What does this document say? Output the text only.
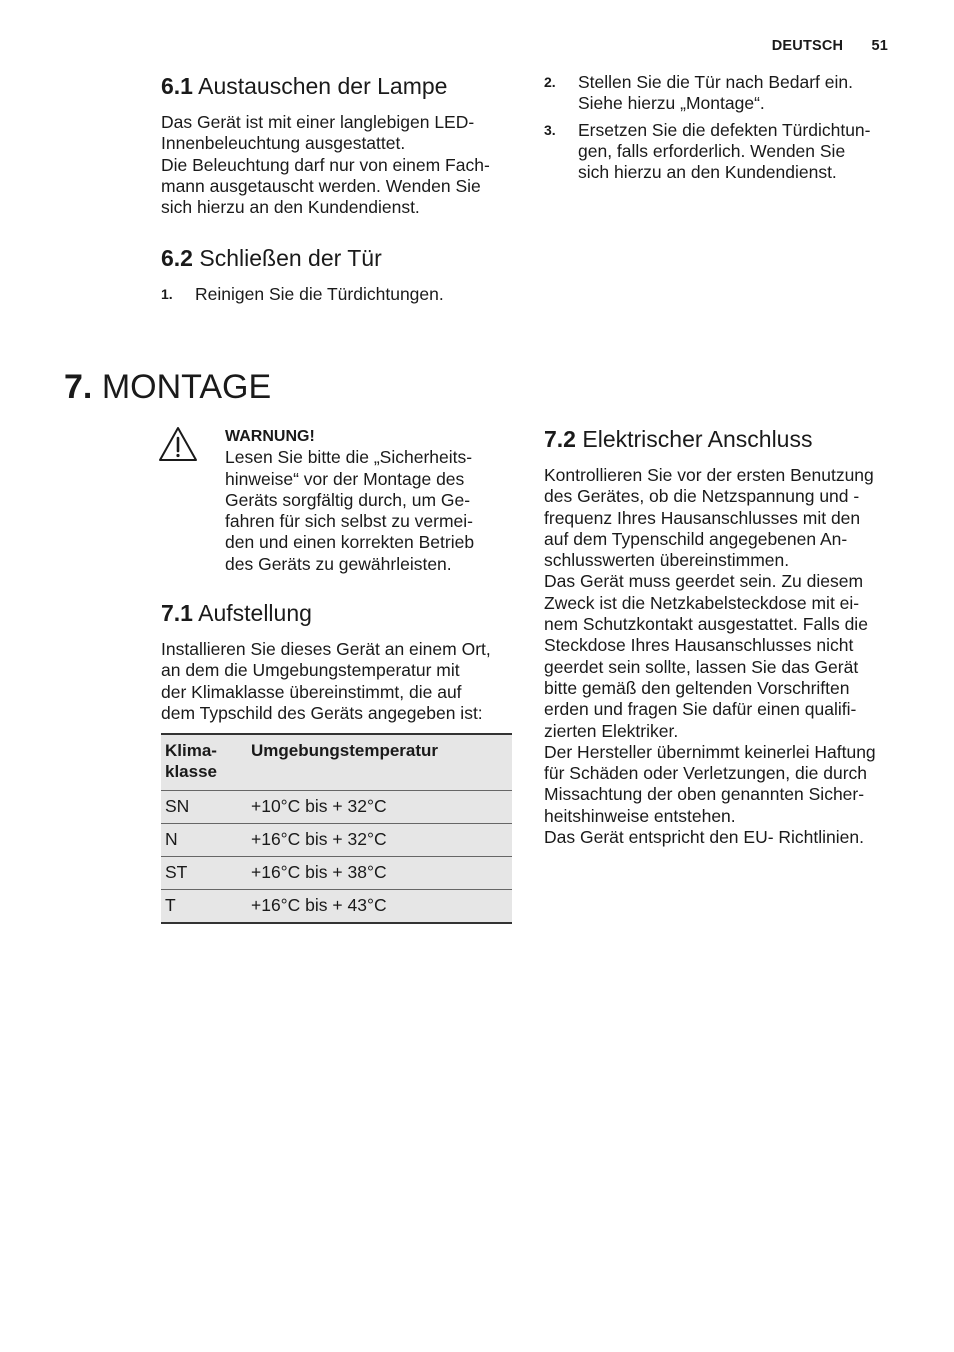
DEUTSCH 51
6.1 Austauschen der Lampe

Das Gerät ist mit einer langlebigen LED-
Innenbeleuchtung ausgestattet.
Die Beleuchtung darf nur von einem Fach-
mann ausgetauscht werden. Wenden Sie
sich hierzu an den Kundendienst.

6.2 Schließen der Tür
1. Reinigen Sie die Türdichtungen.
2. Stellen Sie die Tür nach Bedarf ein.
Siehe hierzu „Montage“.
3. Ersetzen Sie die defekten Türdichtun-
gen, falls erforderlich. Wenden Sie
sich hierzu an den Kundendienst.
7. MONTAGE
WARNUNG!
Lesen Sie bitte die „Sicherheits-
hinweise“ vor der Montage des
Geräts sorgfältig durch, um Ge-
fahren für sich selbst zu vermei-
den und einen korrekten Betrieb
des Geräts zu gewährleisten.
7.1 Aufstellung

Installieren Sie dieses Gerät an einem Ort,
an dem die Umgebungstemperatur mit
der Klimaklasse übereinstimmt, die auf
dem Typschild des Geräts angegeben ist:

Klima-
klasse	Umgebungstemperatur
SN	+10°C bis + 32°C
N	+16°C bis + 32°C
ST	+16°C bis + 38°C
T	+16°C bis + 43°C
7.2 Elektrischer Anschluss

Kontrollieren Sie vor der ersten Benutzung
des Gerätes, ob die Netzspannung und -
frequenz Ihres Hausanschlusses mit den
auf dem Typenschild angegebenen An-
schlusswerten übereinstimmen.
Das Gerät muss geerdet sein. Zu diesem
Zweck ist die Netzkabelsteckdose mit ei-
nem Schutzkontakt ausgestattet. Falls die
Steckdose Ihres Hausanschlusses nicht
geerdet sein sollte, lassen Sie das Gerät
bitte gemäß den geltenden Vorschriften
erden und fragen Sie dafür einen qualifi-
zierten Elektriker.
Der Hersteller übernimmt keinerlei Haftung
für Schäden oder Verletzungen, die durch
Missachtung der oben genannten Sicher-
heitshinweise entstehen.
Das Gerät entspricht den EU- Richtlinien.
